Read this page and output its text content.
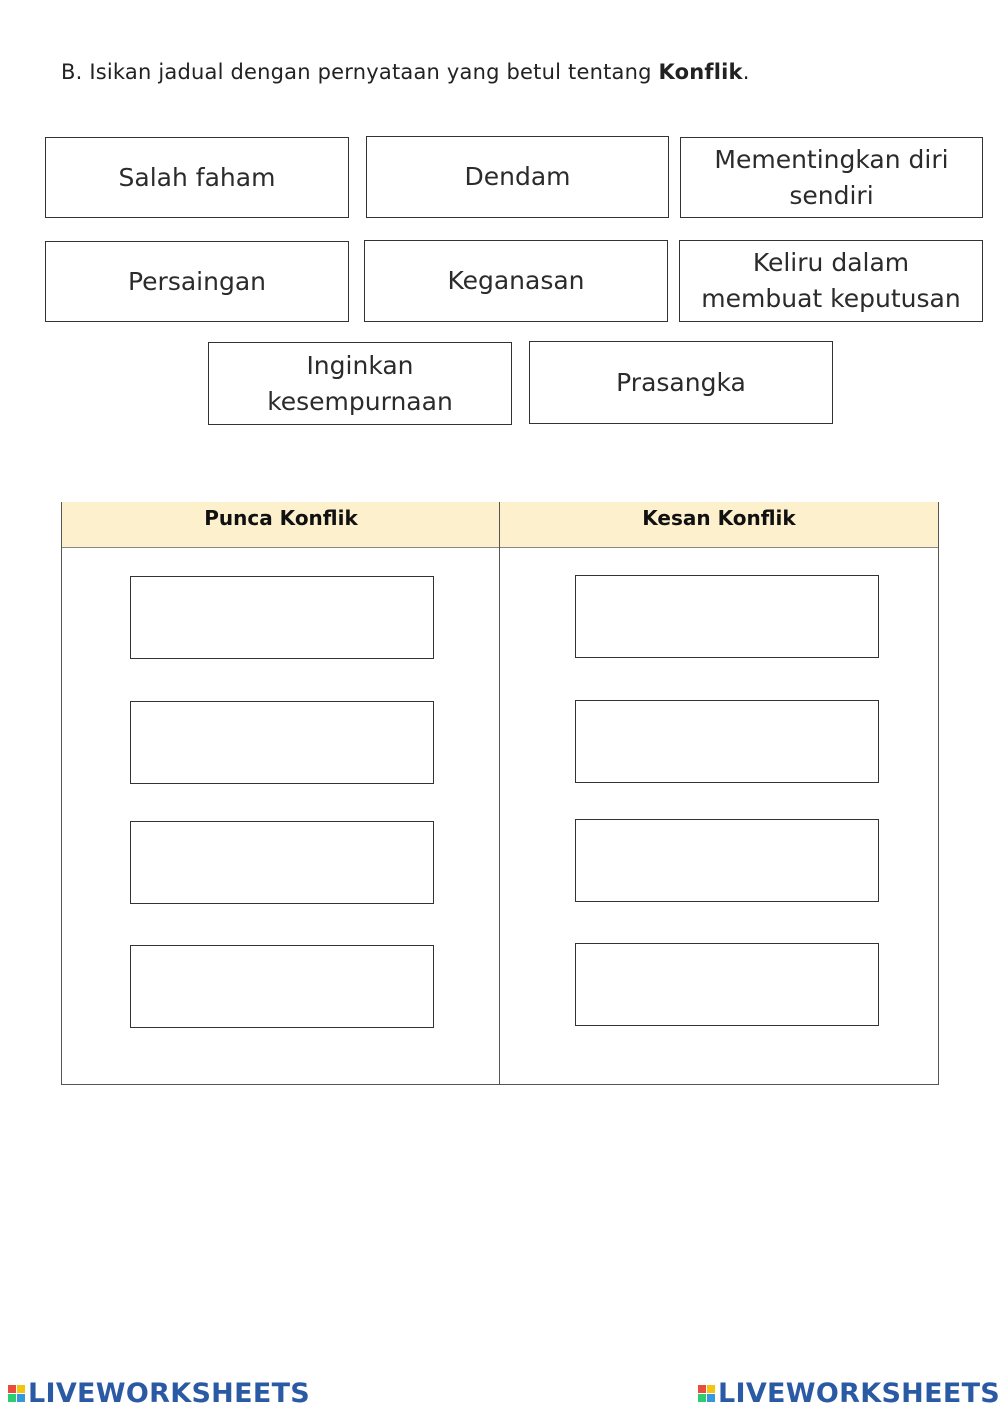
B. Isikan jadual dengan pernyataan yang betul tentang Konflik.
Salah faham	Dendam
Mementingkan diri
sendiri
Persaingan	Keganasan
Keliru dalam
membuat keputusan
Inginkan
kesempurnaan
Prasangka
Punca Konflik	Kesan Konflik
LIVEWORKSHEETS	LIVEWORKSHEETS
